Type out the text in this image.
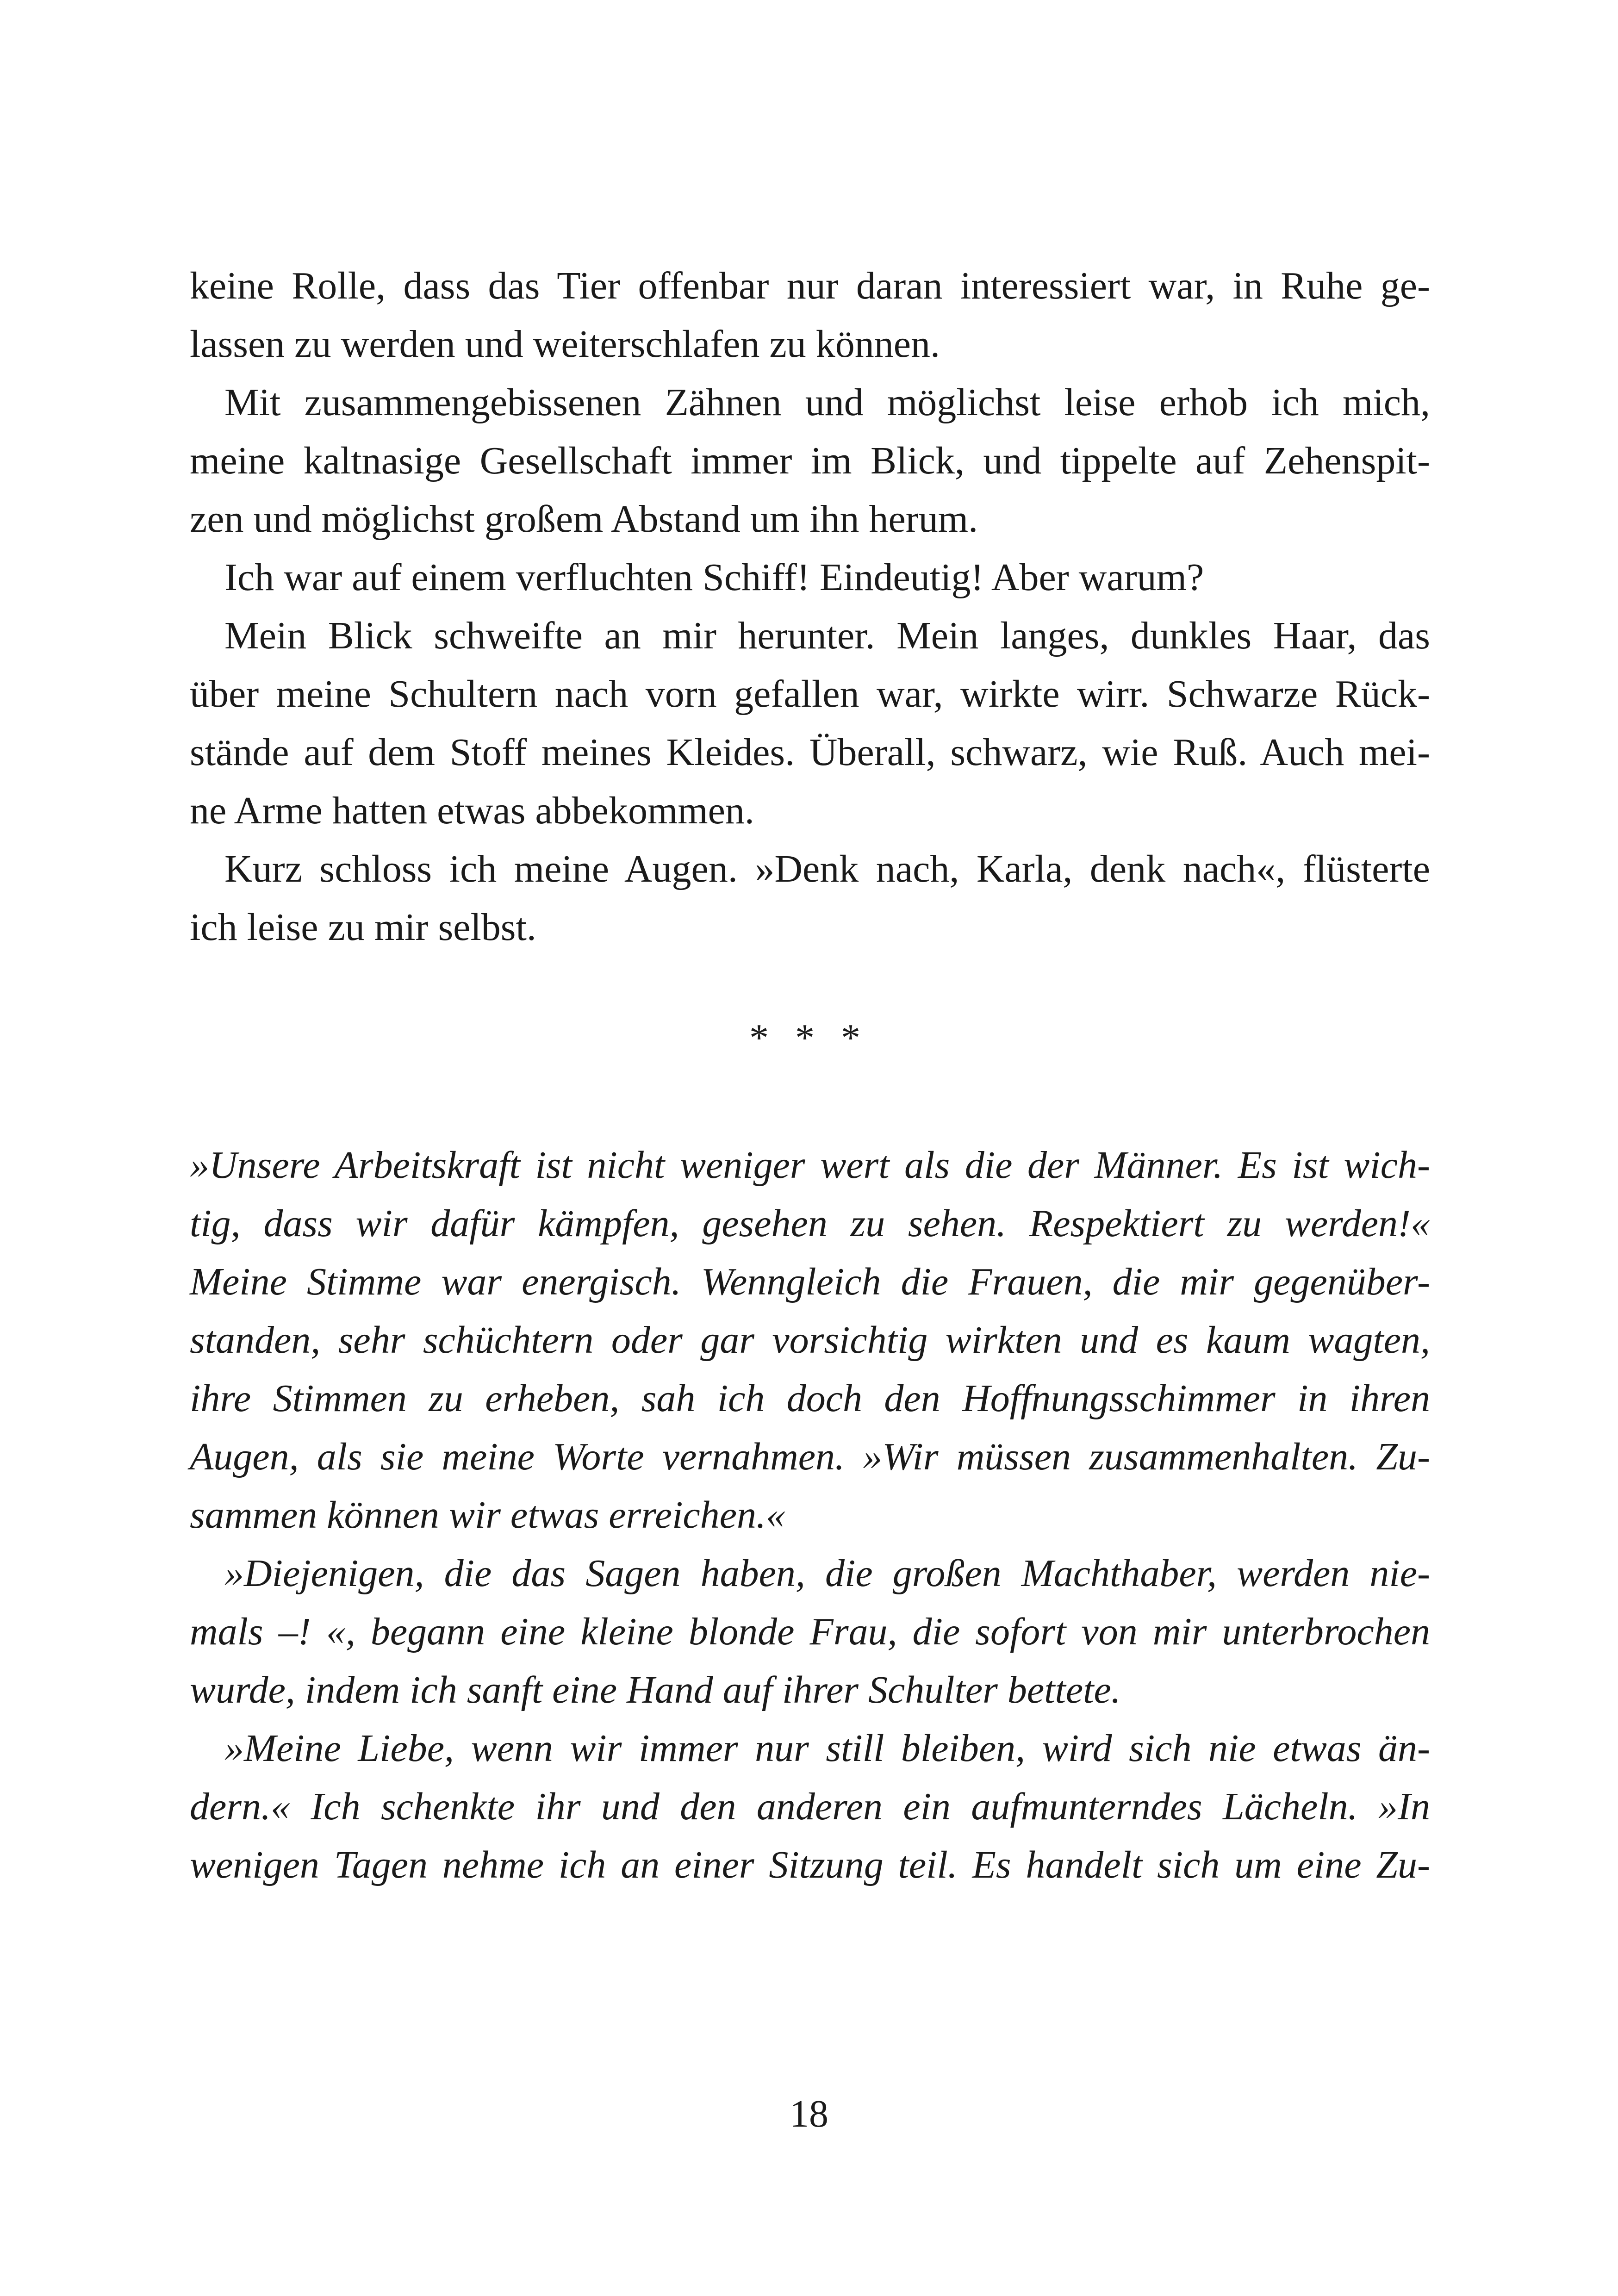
keine Rolle, dass das Tier offenbar nur daran interessiert war, in Ruhe ge-
lassen zu werden und weiterschlafen zu können.
Mit zusammengebissenen Zähnen und möglichst leise erhob ich mich,
meine kaltnasige Gesellschaft immer im Blick, und tippelte auf Zehenspit-
zen und möglichst großem Abstand um ihn herum.
Ich war auf einem verfluchten Schiff! Eindeutig! Aber warum?
Mein Blick schweifte an mir herunter. Mein langes, dunkles Haar, das
über meine Schultern nach vorn gefallen war, wirkte wirr. Schwarze Rück-
stände auf dem Stoff meines Kleides. Überall, schwarz, wie Ruß. Auch mei-
ne Arme hatten etwas abbekommen.
Kurz schloss ich meine Augen. »Denk nach, Karla, denk nach«, flüsterte
ich leise zu mir selbst.
* * *
»Unsere Arbeitskraft ist nicht weniger wert als die der Männer. Es ist wich-
tig, dass wir dafür kämpfen, gesehen zu sehen. Respektiert zu werden!«
Meine Stimme war energisch. Wenngleich die Frauen, die mir gegenüber-
standen, sehr schüchtern oder gar vorsichtig wirkten und es kaum wagten,
ihre Stimmen zu erheben, sah ich doch den Hoffnungsschimmer in ihren
Augen, als sie meine Worte vernahmen. »Wir müssen zusammenhalten. Zu-
sammen können wir etwas erreichen.«
»Diejenigen, die das Sagen haben, die großen Machthaber, werden nie-
mals –! «, begann eine kleine blonde Frau, die sofort von mir unterbrochen
wurde, indem ich sanft eine Hand auf ihrer Schulter bettete.
»Meine Liebe, wenn wir immer nur still bleiben, wird sich nie etwas än-
dern.« Ich schenkte ihr und den anderen ein aufmunterndes Lächeln. »In
wenigen Tagen nehme ich an einer Sitzung teil. Es handelt sich um eine Zu-
18
